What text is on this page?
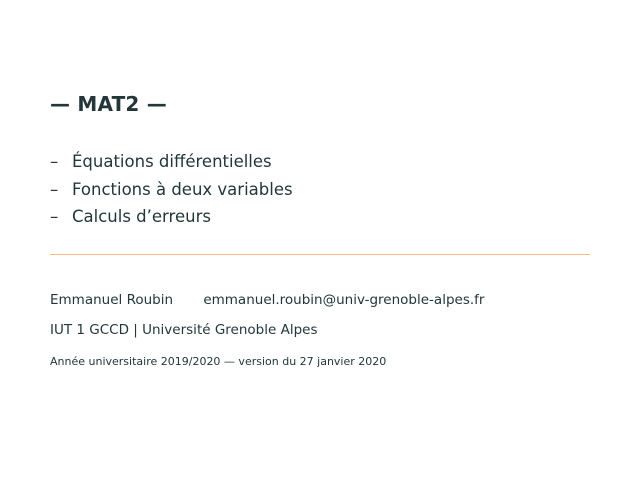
— MAT2 —
– Équations différentielles
– Fonctions à deux variables
– Calculs d’erreurs
Emmanuel Roubin emmanuel.roubin@univ-grenoble-alpes.fr
IUT 1 GCCD | Université Grenoble Alpes
Année universitaire 2019/2020 — version du 27 janvier 2020
